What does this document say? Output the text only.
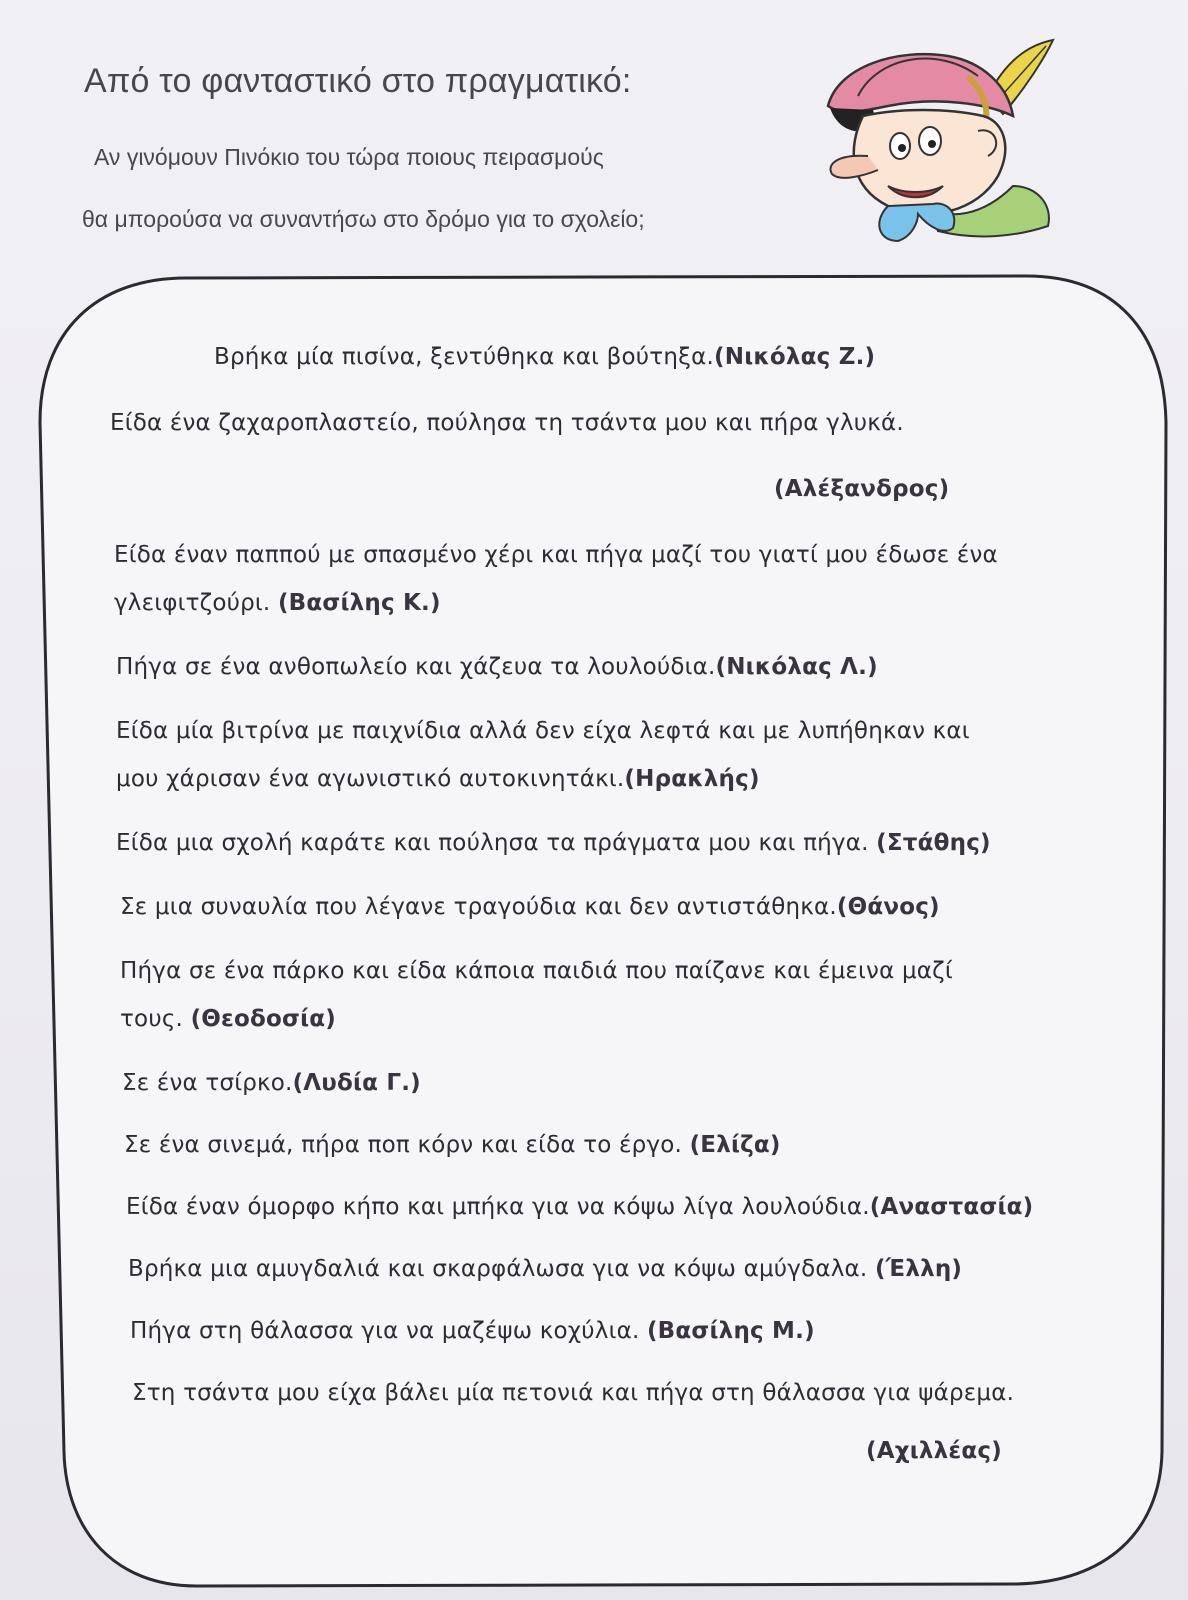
Από το φανταστικό στο πραγματικό:
Αν γινόμουν Πινόκιο του τώρα ποιους πειρασμούς
θα μπορούσα να συναντήσω στο δρόμο για το σχολείο;
Βρήκα μία πισίνα, ξεντύθηκα και βούτηξα.(Νικόλας Ζ.)
Είδα ένα ζαχαροπλαστείο, πούλησα τη τσάντα μου και πήρα γλυκά.
(Αλέξανδρος)
Είδα έναν παππού με σπασμένο χέρι και πήγα μαζί του γιατί μου έδωσε ένα
γλειφιτζούρι. (Βασίλης Κ.)
Πήγα σε ένα ανθοπωλείο και χάζευα τα λουλούδια.(Νικόλας Λ.)
Είδα μία βιτρίνα με παιχνίδια αλλά δεν είχα λεφτά και με λυπήθηκαν και
μου χάρισαν ένα αγωνιστικό αυτοκινητάκι.(Ηρακλής)
Είδα μια σχολή καράτε και πούλησα τα πράγματα μου και πήγα. (Στάθης)
Σε μια συναυλία που λέγανε τραγούδια και δεν αντιστάθηκα.(Θάνος)
Πήγα σε ένα πάρκο και είδα κάποια παιδιά που παίζανε και έμεινα μαζί
τους. (Θεοδοσία)
Σε ένα τσίρκο.(Λυδία Γ.)
Σε ένα σινεμά, πήρα ποπ κόρν και είδα το έργο. (Ελίζα)
Είδα έναν όμορφο κήπο και μπήκα για να κόψω λίγα λουλούδια.(Αναστασία)
Βρήκα μια αμυγδαλιά και σκαρφάλωσα για να κόψω αμύγδαλα. (Έλλη)
Πήγα στη θάλασσα για να μαζέψω κοχύλια. (Βασίλης Μ.)
Στη τσάντα μου είχα βάλει μία πετονιά και πήγα στη θάλασσα για ψάρεμα.
(Αχιλλέας)
